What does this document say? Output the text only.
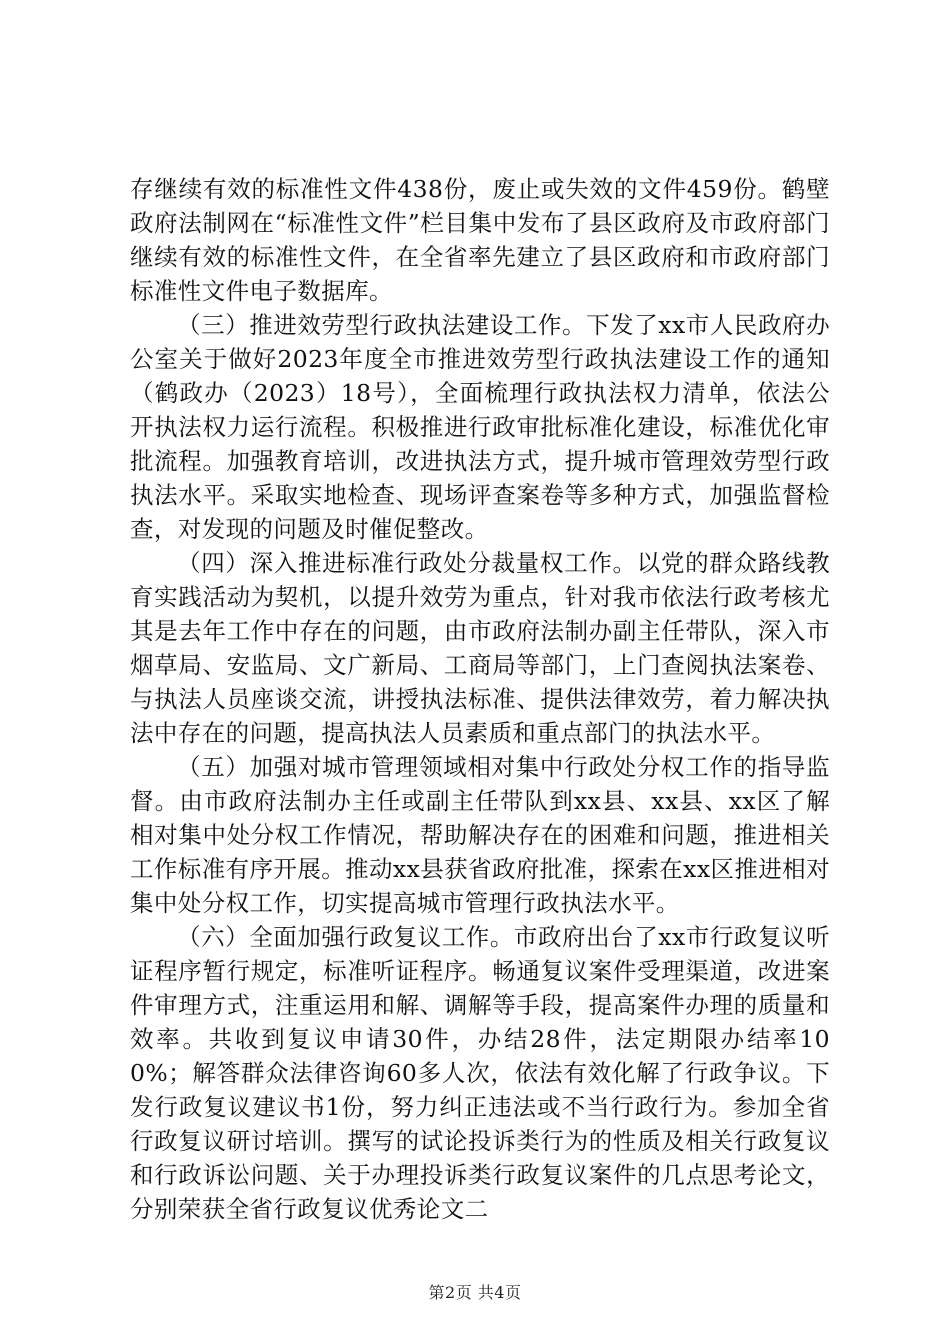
存继续有效的标准性文件438份，废止或失效的文件459份。鹤壁政府法制网在“标准性文件”栏目集中发布了县区政府及市政府部门继续有效的标准性文件，在全省率先建立了县区政府和市政府部门标准性文件电子数据库。

（三）推进效劳型行政执法建设工作。下发了xx市人民政府办公室关于做好2023年度全市推进效劳型行政执法建设工作的通知（鹤政办（2023）18号），全面梳理行政执法权力清单，依法公开执法权力运行流程。积极推进行政审批标准化建设，标准优化审批流程。加强教育培训，改进执法方式，提升城市管理效劳型行政执法水平。采取实地检查、现场评查案卷等多种方式，加强监督检查，对发现的问题及时催促整改。

（四）深入推进标准行政处分裁量权工作。以党的群众路线教育实践活动为契机，以提升效劳为重点，针对我市依法行政考核尤其是去年工作中存在的问题，由市政府法制办副主任带队，深入市烟草局、安监局、文广新局、工商局等部门，上门查阅执法案卷、与执法人员座谈交流，讲授执法标准、提供法律效劳，着力解决执法中存在的问题，提高执法人员素质和重点部门的执法水平。

（五）加强对城市管理领域相对集中行政处分权工作的指导监督。由市政府法制办主任或副主任带队到xx县、xx县、xx区了解相对集中处分权工作情况，帮助解决存在的困难和问题，推进相关工作标准有序开展。推动xx县获省政府批准，探索在xx区推进相对集中处分权工作，切实提高城市管理行政执法水平。

（六）全面加强行政复议工作。市政府出台了xx市行政复议听证程序暂行规定，标准听证程序。畅通复议案件受理渠道，改进案件审理方式，注重运用和解、调解等手段，提高案件办理的质量和效率。共收到复议申请30件，办结28件，法定期限办结率100%；解答群众法律咨询60多人次，依法有效化解了行政争议。下发行政复议建议书1份，努力纠正违法或不当行政行为。参加全省行政复议研讨培训。撰写的试论投诉类行为的性质及相关行政复议和行政诉讼问题、关于办理投诉类行政复议案件的几点思考论文，分别荣获全省行政复议优秀论文二

第2页 共4页
